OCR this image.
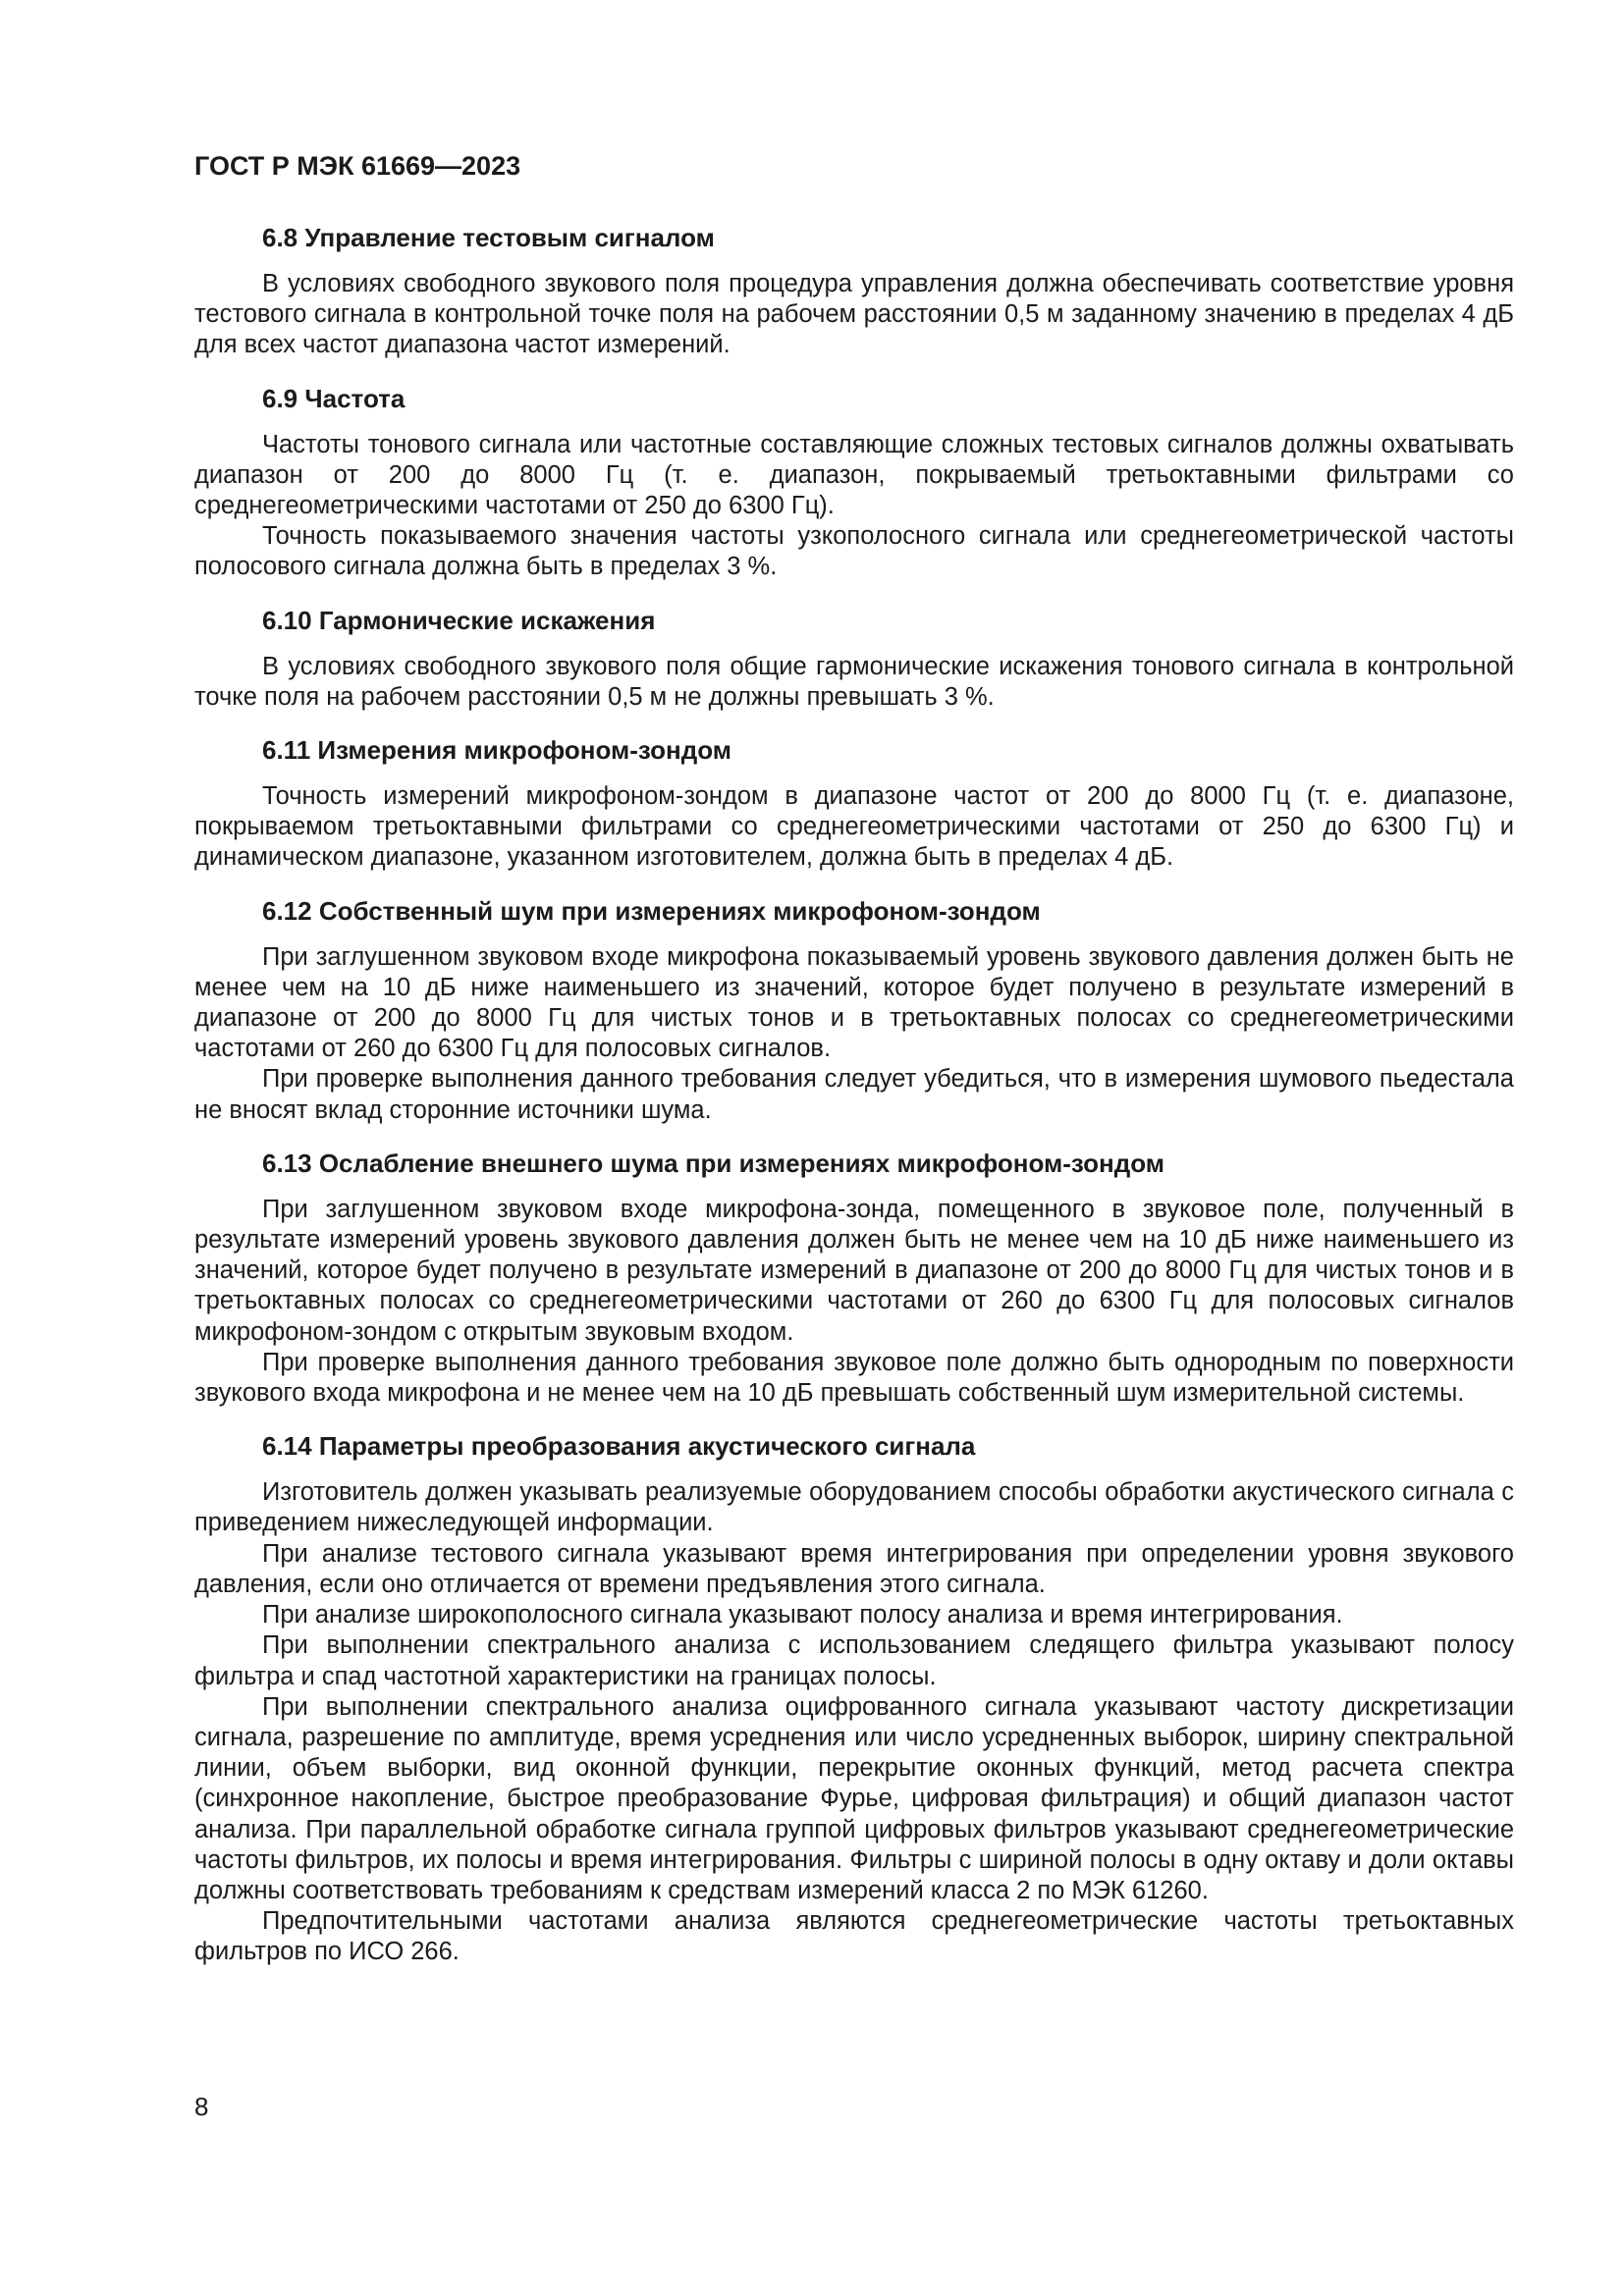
ГОСТ Р МЭК 61669—2023
6.8 Управление тестовым сигналом

В условиях свободного звукового поля процедура управления должна обеспечивать соответствие уровня тестового сигнала в контрольной точке поля на рабочем расстоянии 0,5 м заданному значению в пределах 4 дБ для всех частот диапазона частот измерений.

6.9 Частота

Частоты тонового сигнала или частотные составляющие сложных тестовых сигналов должны охватывать диапазон от 200 до 8000 Гц (т. е. диапазон, покрываемый третьоктавными фильтрами со среднегеометрическими частотами от 250 до 6300 Гц).

Точность показываемого значения частоты узкополосного сигнала или среднегеометрической частоты полосового сигнала должна быть в пределах 3 %.

6.10 Гармонические искажения

В условиях свободного звукового поля общие гармонические искажения тонового сигнала в контрольной точке поля на рабочем расстоянии 0,5 м не должны превышать 3 %.

6.11 Измерения микрофоном-зондом

Точность измерений микрофоном-зондом в диапазоне частот от 200 до 8000 Гц (т. е. диапазоне, покрываемом третьоктавными фильтрами со среднегеометрическими частотами от 250 до 6300 Гц) и динамическом диапазоне, указанном изготовителем, должна быть в пределах 4 дБ.

6.12 Собственный шум при измерениях микрофоном-зондом

При заглушенном звуковом входе микрофона показываемый уровень звукового давления должен быть не менее чем на 10 дБ ниже наименьшего из значений, которое будет получено в результате измерений в диапазоне от 200 до 8000 Гц для чистых тонов и в третьоктавных полосах со среднегеометрическими частотами от 260 до 6300 Гц для полосовых сигналов.

При проверке выполнения данного требования следует убедиться, что в измерения шумового пьедестала не вносят вклад сторонние источники шума.

6.13 Ослабление внешнего шума при измерениях микрофоном-зондом

При заглушенном звуковом входе микрофона-зонда, помещенного в звуковое поле, полученный в результате измерений уровень звукового давления должен быть не менее чем на 10 дБ ниже наименьшего из значений, которое будет получено в результате измерений в диапазоне от 200 до 8000 Гц для чистых тонов и в третьоктавных полосах со среднегеометрическими частотами от 260 до 6300 Гц для полосовых сигналов микрофоном-зондом с открытым звуковым входом.

При проверке выполнения данного требования звуковое поле должно быть однородным по поверхности звукового входа микрофона и не менее чем на 10 дБ превышать собственный шум измерительной системы.

6.14 Параметры преобразования акустического сигнала

Изготовитель должен указывать реализуемые оборудованием способы обработки акустического сигнала с приведением нижеследующей информации.

При анализе тестового сигнала указывают время интегрирования при определении уровня звукового давления, если оно отличается от времени предъявления этого сигнала.

При анализе широкополосного сигнала указывают полосу анализа и время интегрирования.

При выполнении спектрального анализа с использованием следящего фильтра указывают полосу фильтра и спад частотной характеристики на границах полосы.

При выполнении спектрального анализа оцифрованного сигнала указывают частоту дискретизации сигнала, разрешение по амплитуде, время усреднения или число усредненных выборок, ширину спектральной линии, объем выборки, вид оконной функции, перекрытие оконных функций, метод расчета спектра (синхронное накопление, быстрое преобразование Фурье, цифровая фильтрация) и общий диапазон частот анализа. При параллельной обработке сигнала группой цифровых фильтров указывают среднегеометрические частоты фильтров, их полосы и время интегрирования. Фильтры с шириной полосы в одну октаву и доли октавы должны соответствовать требованиям к средствам измерений класса 2 по МЭК 61260.

Предпочтительными частотами анализа являются среднегеометрические частоты третьоктавных фильтров по ИСО 266.

8
